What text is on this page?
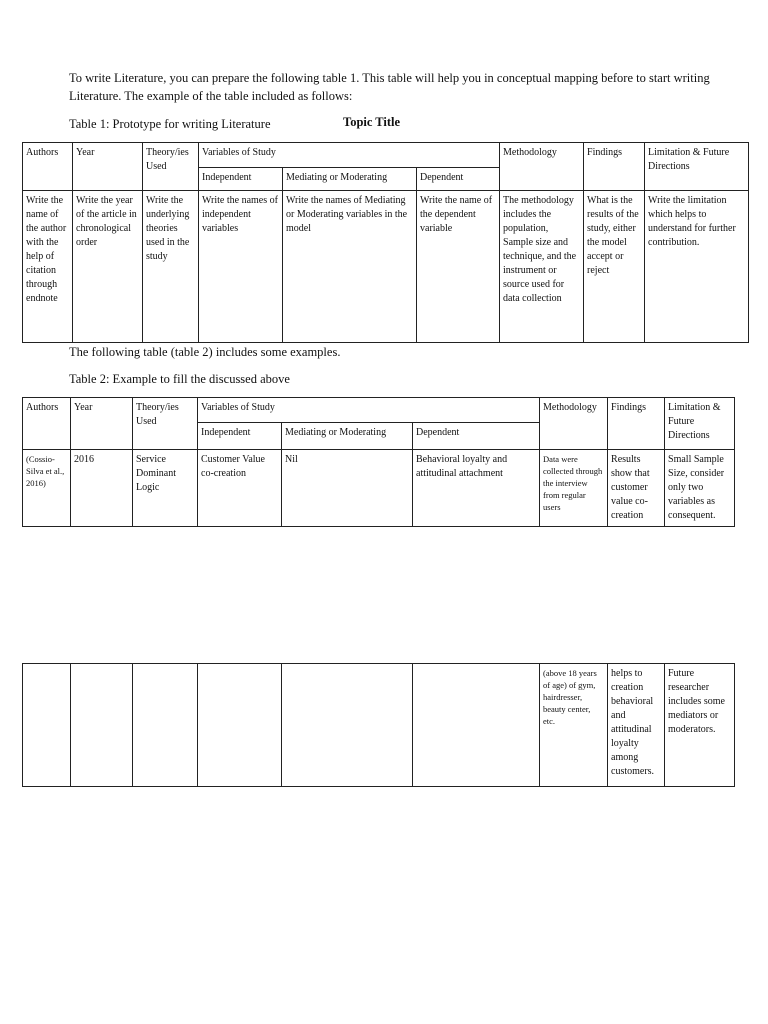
To write Literature, you can prepare the following table 1. This table will help you in conceptual mapping before to start writing Literature. The example of the table included as follows:

Table 1: Prototype for writing Literature	Topic Title
Authors	Year	Theory/ies Used	Variables of Study			Methodology	Findings	Limitation & Future Directions
			Independent	Mediating or Moderating	Dependent			
Write the name of the author with the help of citation through endnote	Write the year of the article in chronological order	Write the underlying theories used in the study	Write the names of independent variables	Write the names of Mediating or Moderating variables in the model	Write the name of the dependent variable	The methodology includes the population, Sample size and technique, and the instrument or source used for data collection	What is the results of the study, either the model accept or reject	Write the limitation which helps to understand for further contribution.

The following table (table 2) includes some examples.

Table 2: Example to fill the discussed above

Authors	Year	Theory/ies Used	Variables of Study			Methodology	Findings	Limitation & Future Directions
			Independent	Mediating or Moderating	Dependent			
(Cossio-Silva et al., 2016)	2016	Service Dominant Logic	Customer Value co-creation	Nil	Behavioral loyalty and attitudinal attachment	Data were collected through the interview from regular users	Results show that customer value co-creation	Small Sample Size, consider only two variables as consequent.
						(above 18 years of age) of gym, hairdresser, beauty center, etc.	helps to creation behavioral and attitudinal loyalty among customers.	Future researcher includes some mediators or moderators.
